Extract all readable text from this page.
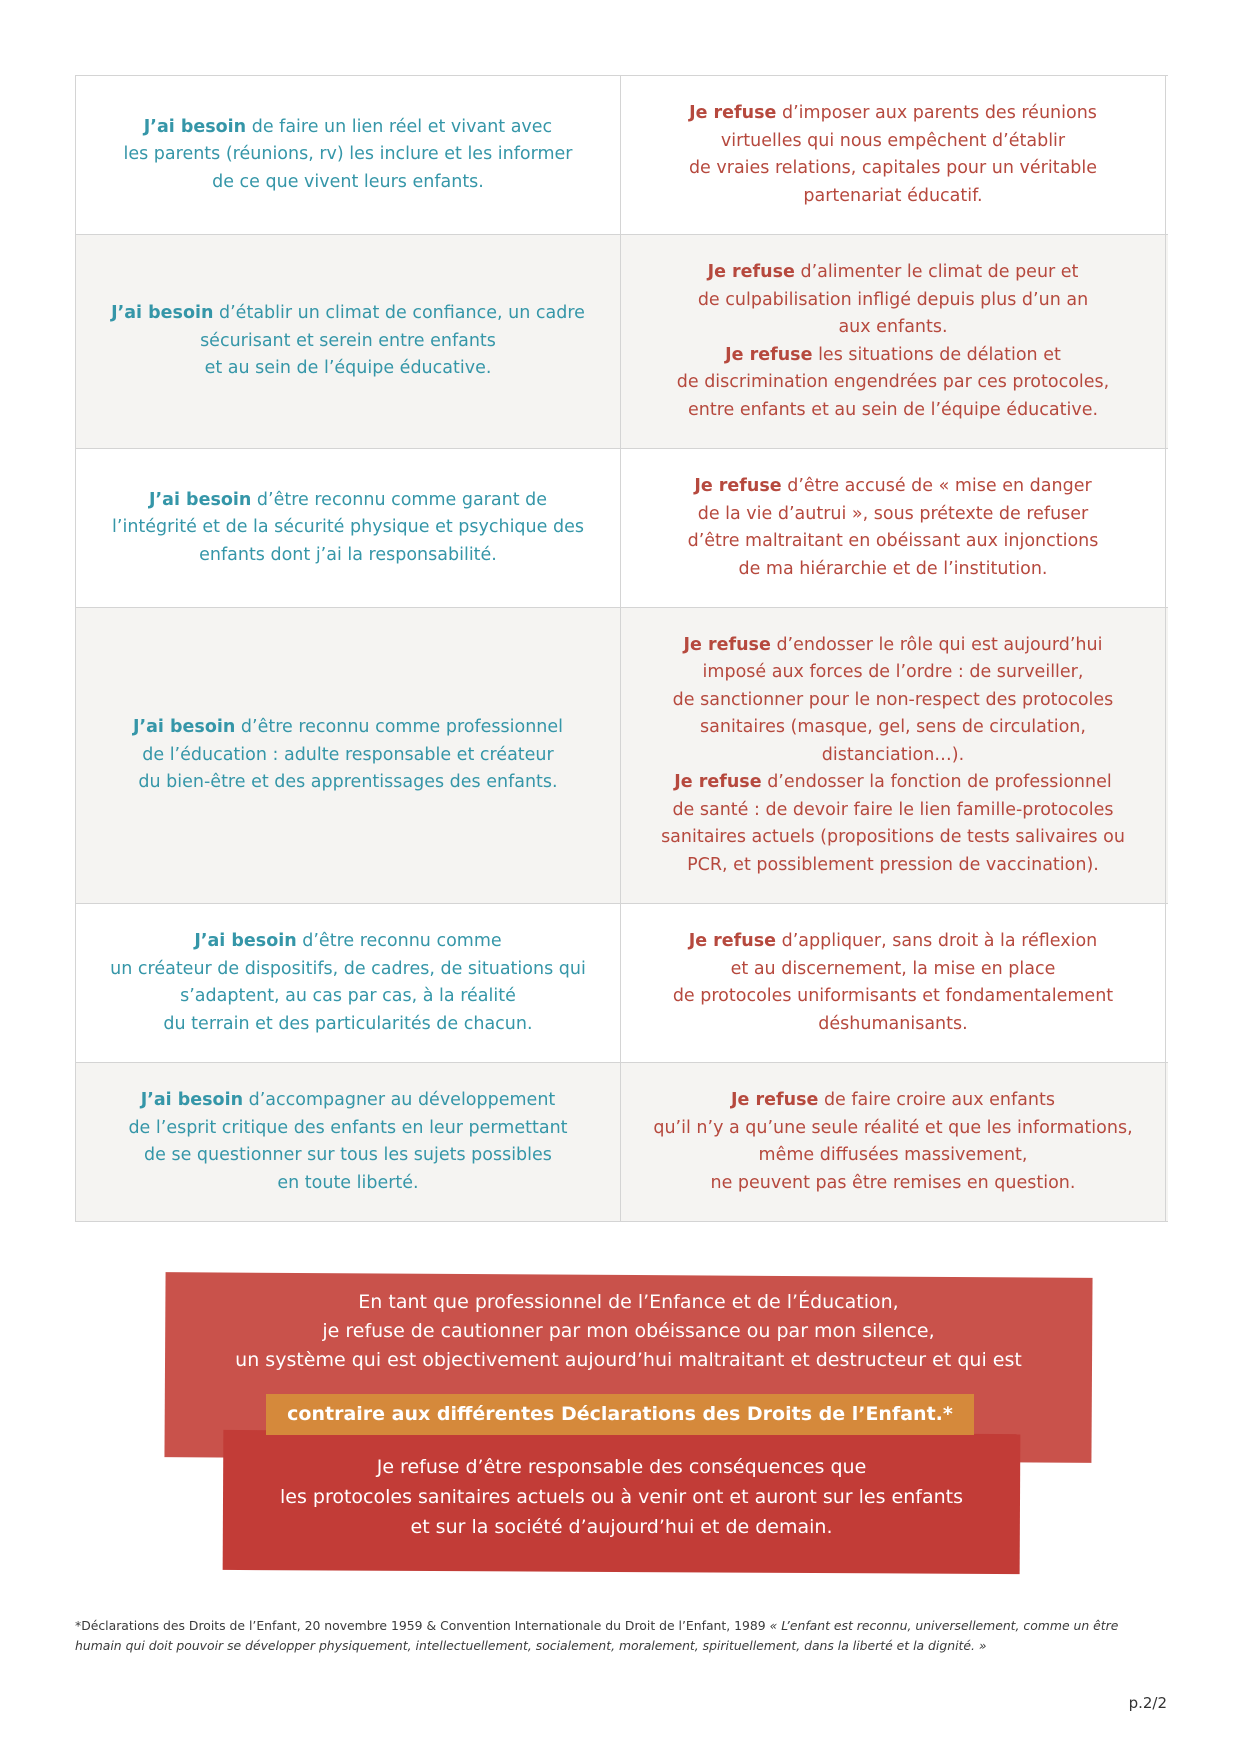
J’ai besoin de faire un lien réel et vivant avec
les parents (réunions, rv) les inclure et les informer
de ce que vivent leurs enfants.

Je refuse d’imposer aux parents des réunions
virtuelles qui nous empêchent d’établir
de vraies relations, capitales pour un véritable
partenariat éducatif.

J’ai besoin d’établir un climat de confiance, un cadre
sécurisant et serein entre enfants
et au sein de l’équipe éducative.

Je refuse d’alimenter le climat de peur et
de culpabilisation infligé depuis plus d’un an
aux enfants.
Je refuse les situations de délation et
de discrimination engendrées par ces protocoles,
entre enfants et au sein de l’équipe éducative.

J’ai besoin d’être reconnu comme garant de
l’intégrité et de la sécurité physique et psychique des
enfants dont j’ai la responsabilité.

Je refuse d’être accusé de « mise en danger
de la vie d’autrui », sous prétexte de refuser
d’être maltraitant en obéissant aux injonctions
de ma hiérarchie et de l’institution.

J’ai besoin d’être reconnu comme professionnel
de l’éducation : adulte responsable et créateur
du bien-être et des apprentissages des enfants.

Je refuse d’endosser le rôle qui est aujourd’hui
imposé aux forces de l’ordre : de surveiller,
de sanctionner pour le non-respect des protocoles
sanitaires (masque, gel, sens de circulation,
distanciation…).
Je refuse d’endosser la fonction de professionnel
de santé : de devoir faire le lien famille-protocoles
sanitaires actuels (propositions de tests salivaires ou
PCR, et possiblement pression de vaccination).

J’ai besoin d’être reconnu comme
un créateur de dispositifs, de cadres, de situations qui
s’adaptent, au cas par cas, à la réalité
du terrain et des particularités de chacun.

Je refuse d’appliquer, sans droit à la réflexion
et au discernement, la mise en place
de protocoles uniformisants et fondamentalement
déshumanisants.

J’ai besoin d’accompagner au développement
de l’esprit critique des enfants en leur permettant
de se questionner sur tous les sujets possibles
en toute liberté.

Je refuse de faire croire aux enfants
qu’il n’y a qu’une seule réalité et que les informations,
même diffusées massivement,
ne peuvent pas être remises en question.

En tant que professionnel de l’Enfance et de l’Éducation,

je refuse de cautionner par mon obéissance ou par mon silence,

un système qui est objectivement aujourd’hui maltraitant et destructeur et qui est

contraire aux différentes Déclarations des Droits de l’Enfant.*

Je refuse d’être responsable des conséquences que

les protocoles sanitaires actuels ou à venir ont et auront sur les enfants

et sur la société d’aujourd’hui et de demain.

*Déclarations des Droits de l’Enfant, 20 novembre 1959 & Convention Internationale du Droit de l’Enfant, 1989 « L’enfant est reconnu, universellement, comme un être humain qui doit pouvoir se développer physiquement, intellectuellement, socialement, moralement, spirituellement, dans la liberté et la dignité. »
p.2/2
